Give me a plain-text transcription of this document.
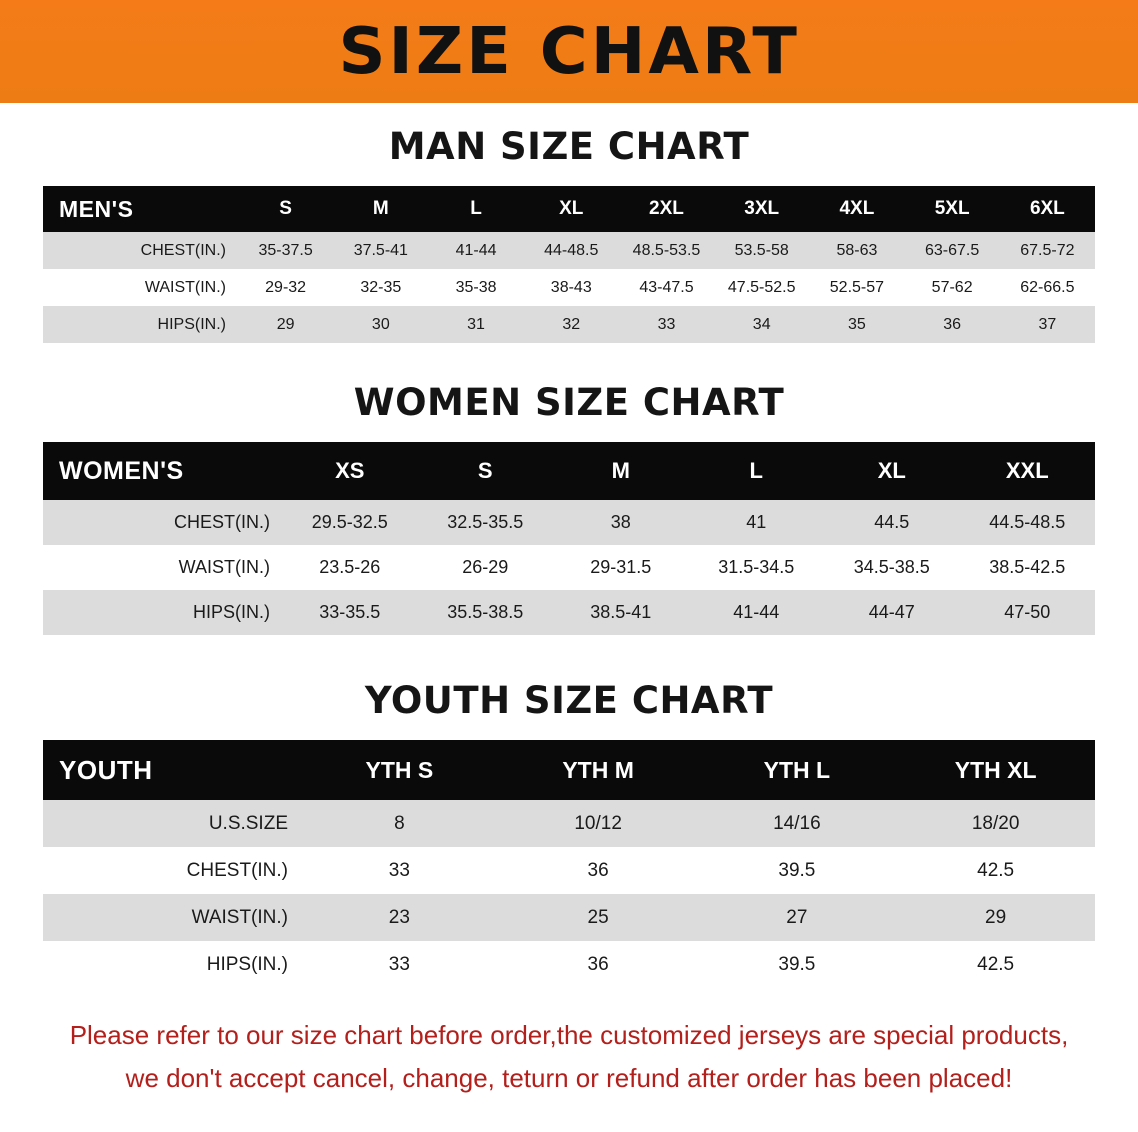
SIZE CHART
MAN SIZE CHART
MEN'S	S	M	L	XL	2XL	3XL	4XL	5XL	6XL
CHEST(IN.)	35-37.5	37.5-41	41-44	44-48.5	48.5-53.5	53.5-58	58-63	63-67.5	67.5-72
WAIST(IN.)	29-32	32-35	35-38	38-43	43-47.5	47.5-52.5	52.5-57	57-62	62-66.5
HIPS(IN.)	29	30	31	32	33	34	35	36	37
WOMEN SIZE CHART
WOMEN'S	XS	S	M	L	XL	XXL
CHEST(IN.)	29.5-32.5	32.5-35.5	38	41	44.5	44.5-48.5
WAIST(IN.)	23.5-26	26-29	29-31.5	31.5-34.5	34.5-38.5	38.5-42.5
HIPS(IN.)	33-35.5	35.5-38.5	38.5-41	41-44	44-47	47-50
YOUTH SIZE CHART
YOUTH	YTH S	YTH M	YTH L	YTH XL
U.S.SIZE	8	10/12	14/16	18/20
CHEST(IN.)	33	36	39.5	42.5
WAIST(IN.)	23	25	27	29
HIPS(IN.)	33	36	39.5	42.5
Please refer to our size chart before order,the customized jerseys are special products,
we don't accept cancel, change, teturn or refund after order has been placed!
